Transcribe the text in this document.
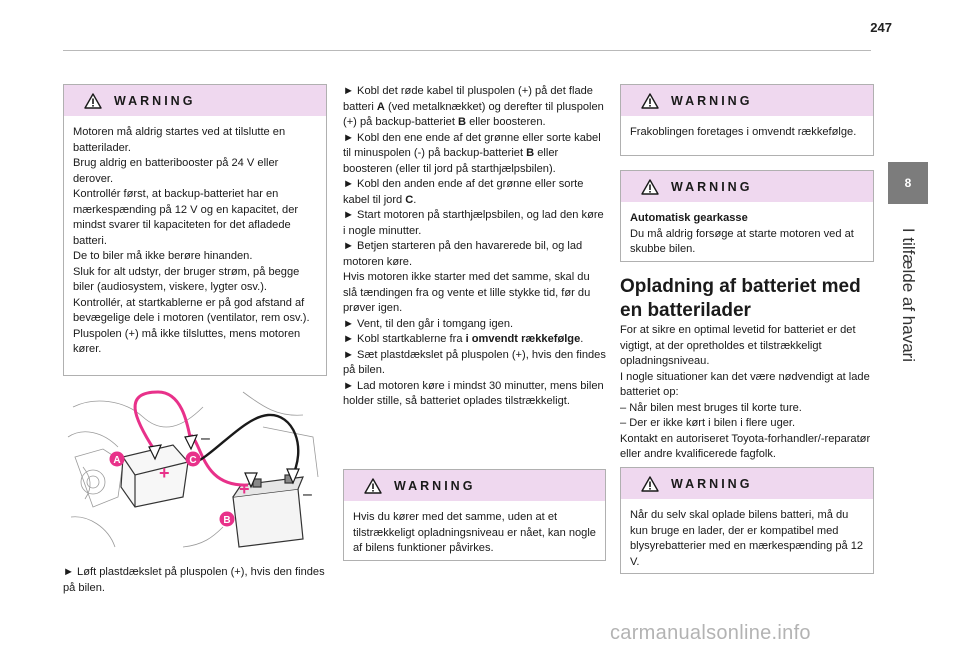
247
8
I tilfælde af havari
WARNING

Motoren må aldrig startes ved at tilslutte en batterilader.
Brug aldrig en batteribooster på 24 V eller derover.
Kontrollér først, at backup-batteriet har en mærkespænding på 12 V og en kapacitet, der mindst svarer til kapaciteten for det afladede batteri.
De to biler må ikke berøre hinanden.
Sluk for alt udstyr, der bruger strøm, på begge biler (audiosystem, viskere, lygter osv.).
Kontrollér, at startkablerne er på god afstand af bevægelige dele i motoren (ventilator, rem osv.).
Pluspolen (+) må ikke tilsluttes, mens motoren kører.

A	C
B
+
+
–
–
► Løft plastdækslet på pluspolen (+), hvis den findes på bilen.

► Kobl det røde kabel til pluspolen (+) på det flade batteri A (ved metalknækket) og derefter til pluspolen (+) på backup-batteriet B eller boosteren.
► Kobl den ene ende af det grønne eller sorte kabel til minuspolen (-) på backup-batteriet B eller boosteren (eller til jord på starthjælpsbilen).
► Kobl den anden ende af det grønne eller sorte kabel til jord C.
► Start motoren på starthjælpsbilen, og lad den køre i nogle minutter.
► Betjen starteren på den havarerede bil, og lad motoren køre.
Hvis motoren ikke starter med det samme, skal du slå tændingen fra og vente et lille stykke tid, før du prøver igen.
► Vent, til den går i tomgang igen.
► Kobl startkablerne fra i omvendt rækkefølge.
► Sæt plastdækslet på pluspolen (+), hvis den findes på bilen.
► Lad motoren køre i mindst 30 minutter, mens bilen holder stille, så batteriet oplades tilstrækkeligt.

WARNING

Hvis du kører med det samme, uden at et tilstrækkeligt opladningsniveau er nået, kan nogle af bilens funktioner påvirkes.

WARNING

Frakoblingen foretages i omvendt rækkefølge.

WARNING

Automatisk gearkasse

Du må aldrig forsøge at starte motoren ved at skubbe bilen.

Opladning af batteriet med en batterilader

For at sikre en optimal levetid for batteriet er det vigtigt, at der opretholdes et tilstrækkeligt opladningsniveau.
I nogle situationer kan det være nødvendigt at lade batteriet op:
– Når bilen mest bruges til korte ture.
– Der er ikke kørt i bilen i flere uger.
Kontakt en autoriseret Toyota-forhandler/-reparatør eller andre kvalificerede fagfolk.

WARNING

Når du selv skal oplade bilens batteri, må du kun bruge en lader, der er kompatibel med blysyrebatterier med en mærkespænding på 12 V.

carmanualsonline.info
